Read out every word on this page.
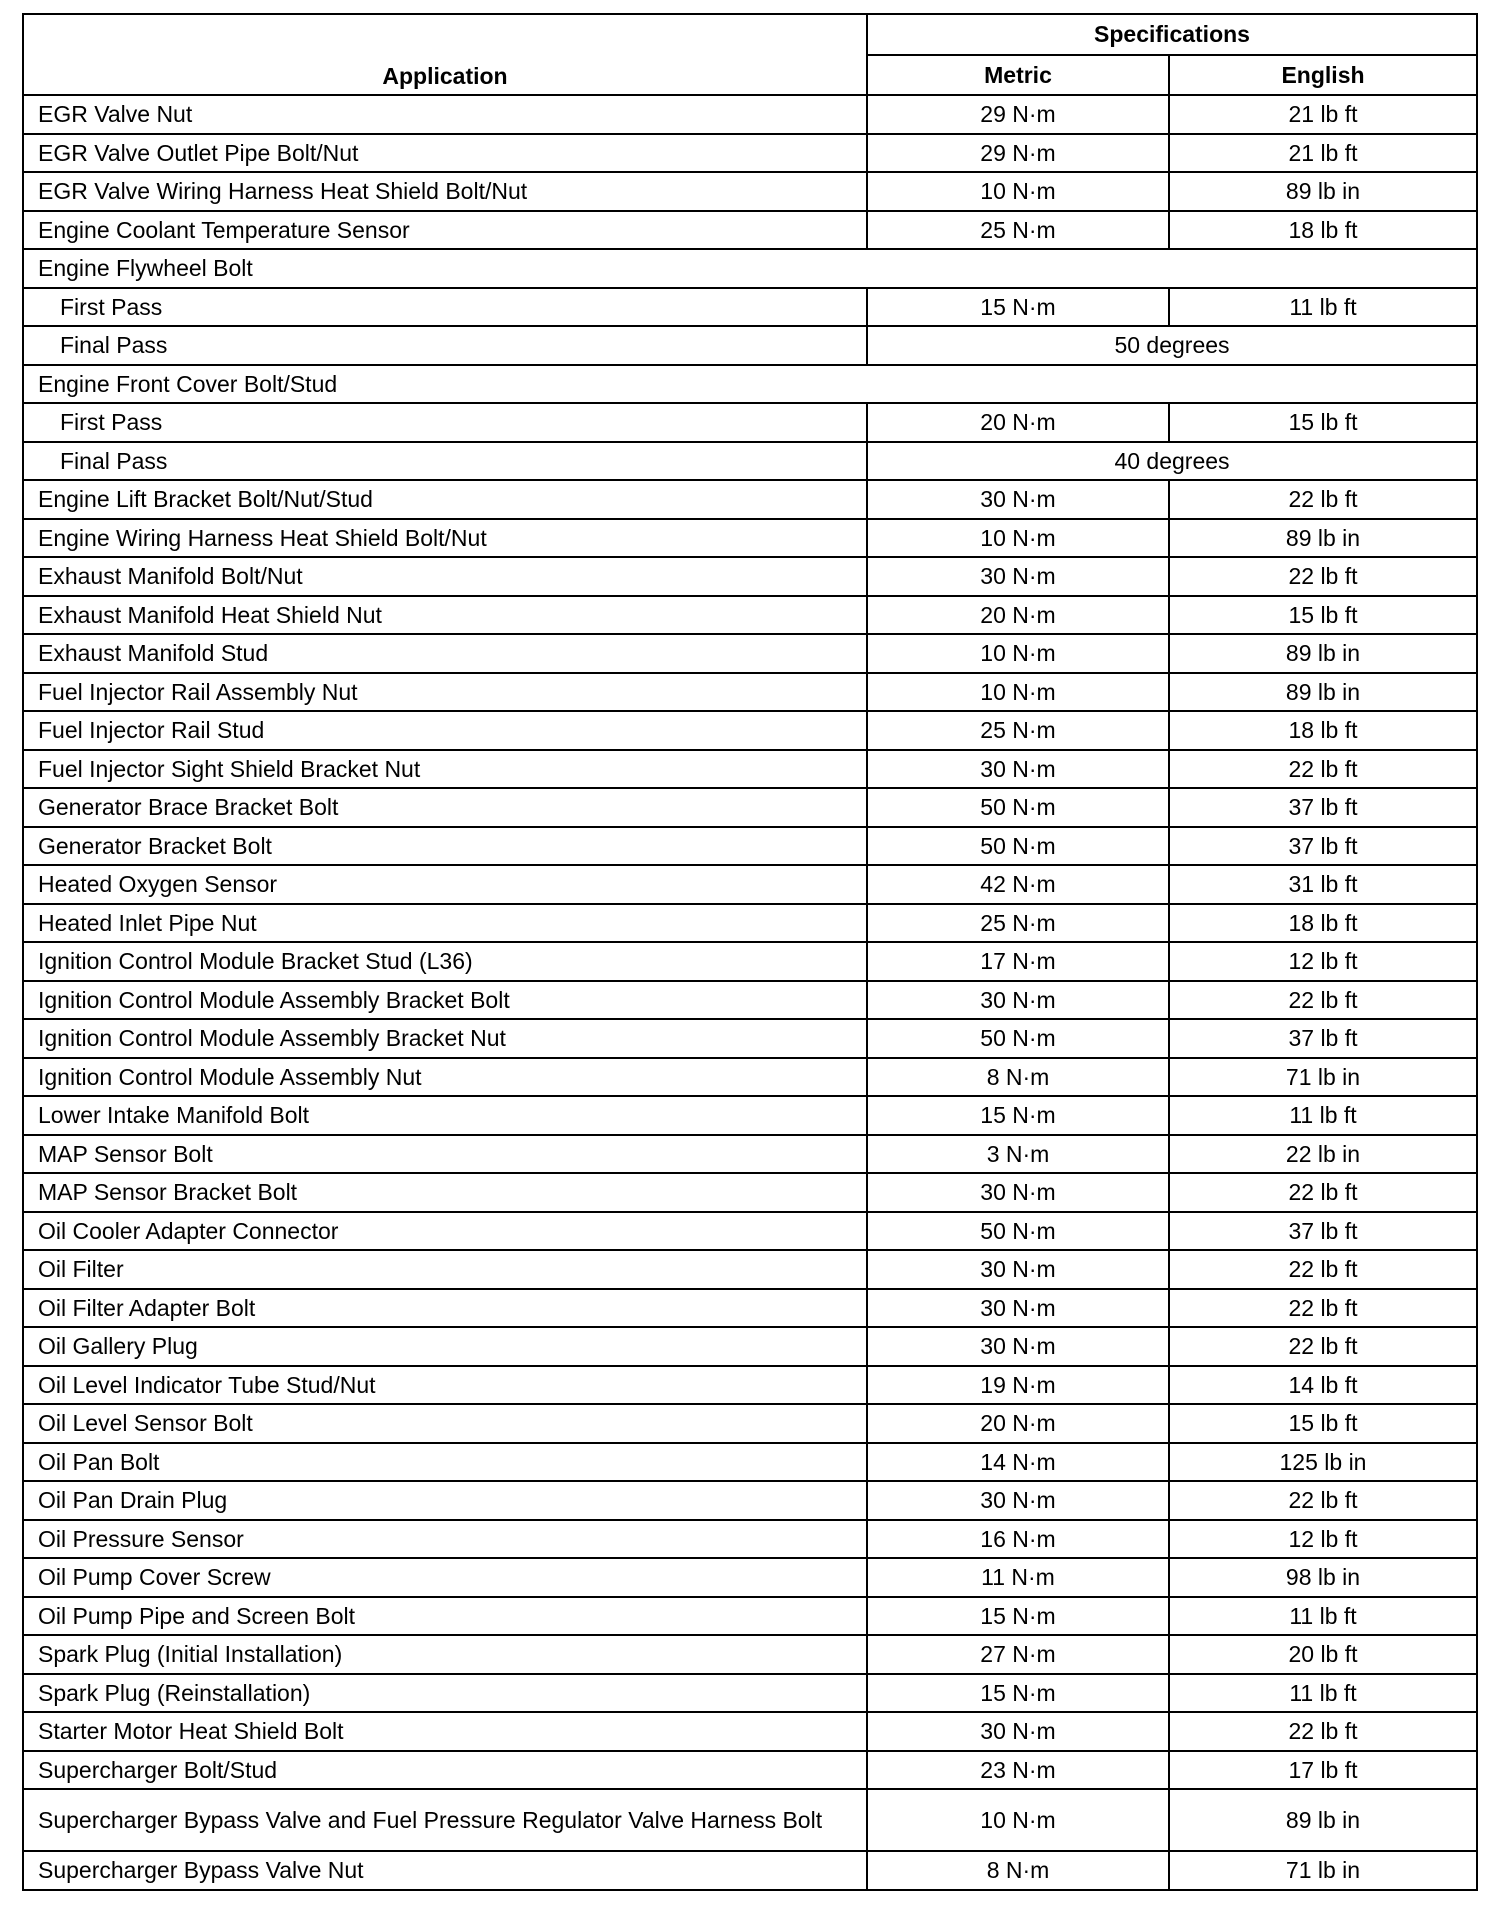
Application	Specifications	
	Metric	English
EGR Valve Nut	29 N·m	21 lb ft
EGR Valve Outlet Pipe Bolt/Nut	29 N·m	21 lb ft
EGR Valve Wiring Harness Heat Shield Bolt/Nut	10 N·m	89 lb in
Engine Coolant Temperature Sensor	25 N·m	18 lb ft
Engine Flywheel Bolt		
First Pass	15 N·m	11 lb ft
Final Pass	50 degrees	
Engine Front Cover Bolt/Stud		
First Pass	20 N·m	15 lb ft
Final Pass	40 degrees	
Engine Lift Bracket Bolt/Nut/Stud	30 N·m	22 lb ft
Engine Wiring Harness Heat Shield Bolt/Nut	10 N·m	89 lb in
Exhaust Manifold Bolt/Nut	30 N·m	22 lb ft
Exhaust Manifold Heat Shield Nut	20 N·m	15 lb ft
Exhaust Manifold Stud	10 N·m	89 lb in
Fuel Injector Rail Assembly Nut	10 N·m	89 lb in
Fuel Injector Rail Stud	25 N·m	18 lb ft
Fuel Injector Sight Shield Bracket Nut	30 N·m	22 lb ft
Generator Brace Bracket Bolt	50 N·m	37 lb ft
Generator Bracket Bolt	50 N·m	37 lb ft
Heated Oxygen Sensor	42 N·m	31 lb ft
Heated Inlet Pipe Nut	25 N·m	18 lb ft
Ignition Control Module Bracket Stud (L36)	17 N·m	12 lb ft
Ignition Control Module Assembly Bracket Bolt	30 N·m	22 lb ft
Ignition Control Module Assembly Bracket Nut	50 N·m	37 lb ft
Ignition Control Module Assembly Nut	8 N·m	71 lb in
Lower Intake Manifold Bolt	15 N·m	11 lb ft
MAP Sensor Bolt	3 N·m	22 lb in
MAP Sensor Bracket Bolt	30 N·m	22 lb ft
Oil Cooler Adapter Connector	50 N·m	37 lb ft
Oil Filter	30 N·m	22 lb ft
Oil Filter Adapter Bolt	30 N·m	22 lb ft
Oil Gallery Plug	30 N·m	22 lb ft
Oil Level Indicator Tube Stud/Nut	19 N·m	14 lb ft
Oil Level Sensor Bolt	20 N·m	15 lb ft
Oil Pan Bolt	14 N·m	125 lb in
Oil Pan Drain Plug	30 N·m	22 lb ft
Oil Pressure Sensor	16 N·m	12 lb ft
Oil Pump Cover Screw	11 N·m	98 lb in
Oil Pump Pipe and Screen Bolt	15 N·m	11 lb ft
Spark Plug (Initial Installation)	27 N·m	20 lb ft
Spark Plug (Reinstallation)	15 N·m	11 lb ft
Starter Motor Heat Shield Bolt	30 N·m	22 lb ft
Supercharger Bolt/Stud	23 N·m	17 lb ft
Supercharger Bypass Valve and Fuel Pressure Regulator Valve Harness Bolt	10 N·m	89 lb in
Supercharger Bypass Valve Nut	8 N·m	71 lb in
